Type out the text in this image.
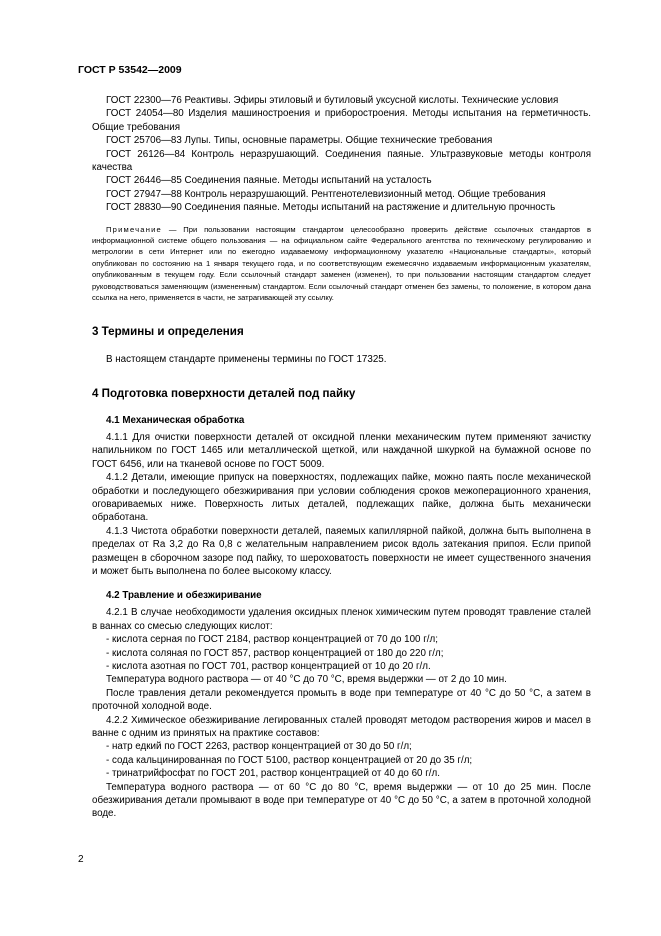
ГОСТ Р 53542—2009

ГОСТ 22300—76 Реактивы. Эфиры этиловый и бутиловый уксусной кислоты. Технические условия

ГОСТ 24054—80 Изделия машиностроения и приборостроения. Методы испытания на герметичность. Общие требования

ГОСТ 25706—83 Лупы. Типы, основные параметры. Общие технические требования

ГОСТ 26126—84 Контроль неразрушающий. Соединения паяные. Ультразвуковые методы контроля качества

ГОСТ 26446—85 Соединения паяные. Методы испытаний на усталость

ГОСТ 27947—88 Контроль неразрушающий. Рентгенотелевизионный метод. Общие требования

ГОСТ 28830—90 Соединения паяные. Методы испытаний на растяжение и длительную прочность

Примечание — При пользовании настоящим стандартом целесообразно проверить действие ссылочных стандартов в информационной системе общего пользования — на официальном сайте Федерального агентства по техническому регулированию и метрологии в сети Интернет или по ежегодно издаваемому информационному указателю «Национальные стандарты», который опубликован по состоянию на 1 января текущего года, и по соответствующим ежемесячно издаваемым информационным указателям, опубликованным в текущем году. Если ссылочный стандарт заменен (изменен), то при пользовании настоящим стандартом следует руководствоваться заменяющим (измененным) стандартом. Если ссылочный стандарт отменен без замены, то положение, в котором дана ссылка на него, применяется в части, не затрагивающей эту ссылку.

3 Термины и определения

В настоящем стандарте применены термины по ГОСТ 17325.

4 Подготовка поверхности деталей под пайку
4.1 Механическая обработка

4.1.1 Для очистки поверхности деталей от оксидной пленки механическим путем применяют зачистку напильником по ГОСТ 1465 или металлической щеткой, или наждачной шкуркой на бумажной основе по ГОСТ 6456, или на тканевой основе по ГОСТ 5009.

4.1.2 Детали, имеющие припуск на поверхностях, подлежащих пайке, можно паять после механической обработки и последующего обезжиривания при условии соблюдения сроков межоперационного хранения, оговариваемых ниже. Поверхность литых деталей, подлежащих пайке, должна быть механически обработана.

4.1.3 Чистота обработки поверхности деталей, паяемых капиллярной пайкой, должна быть выполнена в пределах от Ra 3,2 до Ra 0,8 с желательным направлением рисок вдоль затекания припоя. Если припой размещен в сборочном зазоре под пайку, то шероховатость поверхности не имеет существенного значения и может быть выполнена по более высокому классу.

4.2 Травление и обезжиривание

4.2.1 В случае необходимости удаления оксидных пленок химическим путем проводят травление сталей в ваннах со смесью следующих кислот:

- кислота серная по ГОСТ 2184, раствор концентрацией от 70 до 100 г/л;

- кислота соляная по ГОСТ 857, раствор концентрацией от 180 до 220 г/л;

- кислота азотная по ГОСТ 701, раствор концентрацией от 10 до 20 г/л.

Температура водного раствора — от 40 °С до 70 °С, время выдержки — от 2 до 10 мин.

После травления детали рекомендуется промыть в воде при температуре от 40 °С до 50 °С, а затем в проточной холодной воде.

4.2.2 Химическое обезжиривание легированных сталей проводят методом растворения жиров и масел в ванне с одним из принятых на практике составов:

- натр едкий по ГОСТ 2263, раствор концентрацией от 30 до 50 г/л;

- сода кальцинированная по ГОСТ 5100, раствор концентрацией от 20 до 35 г/л;

- тринатрийфосфат по ГОСТ 201, раствор концентрацией от 40 до 60 г/л.

Температура водного раствора — от 60 °С до 80 °С, время выдержки — от 10 до 25 мин. После обезжиривания детали промывают в воде при температуре от 40 °С до 50 °С, а затем в проточной холодной воде.

2
